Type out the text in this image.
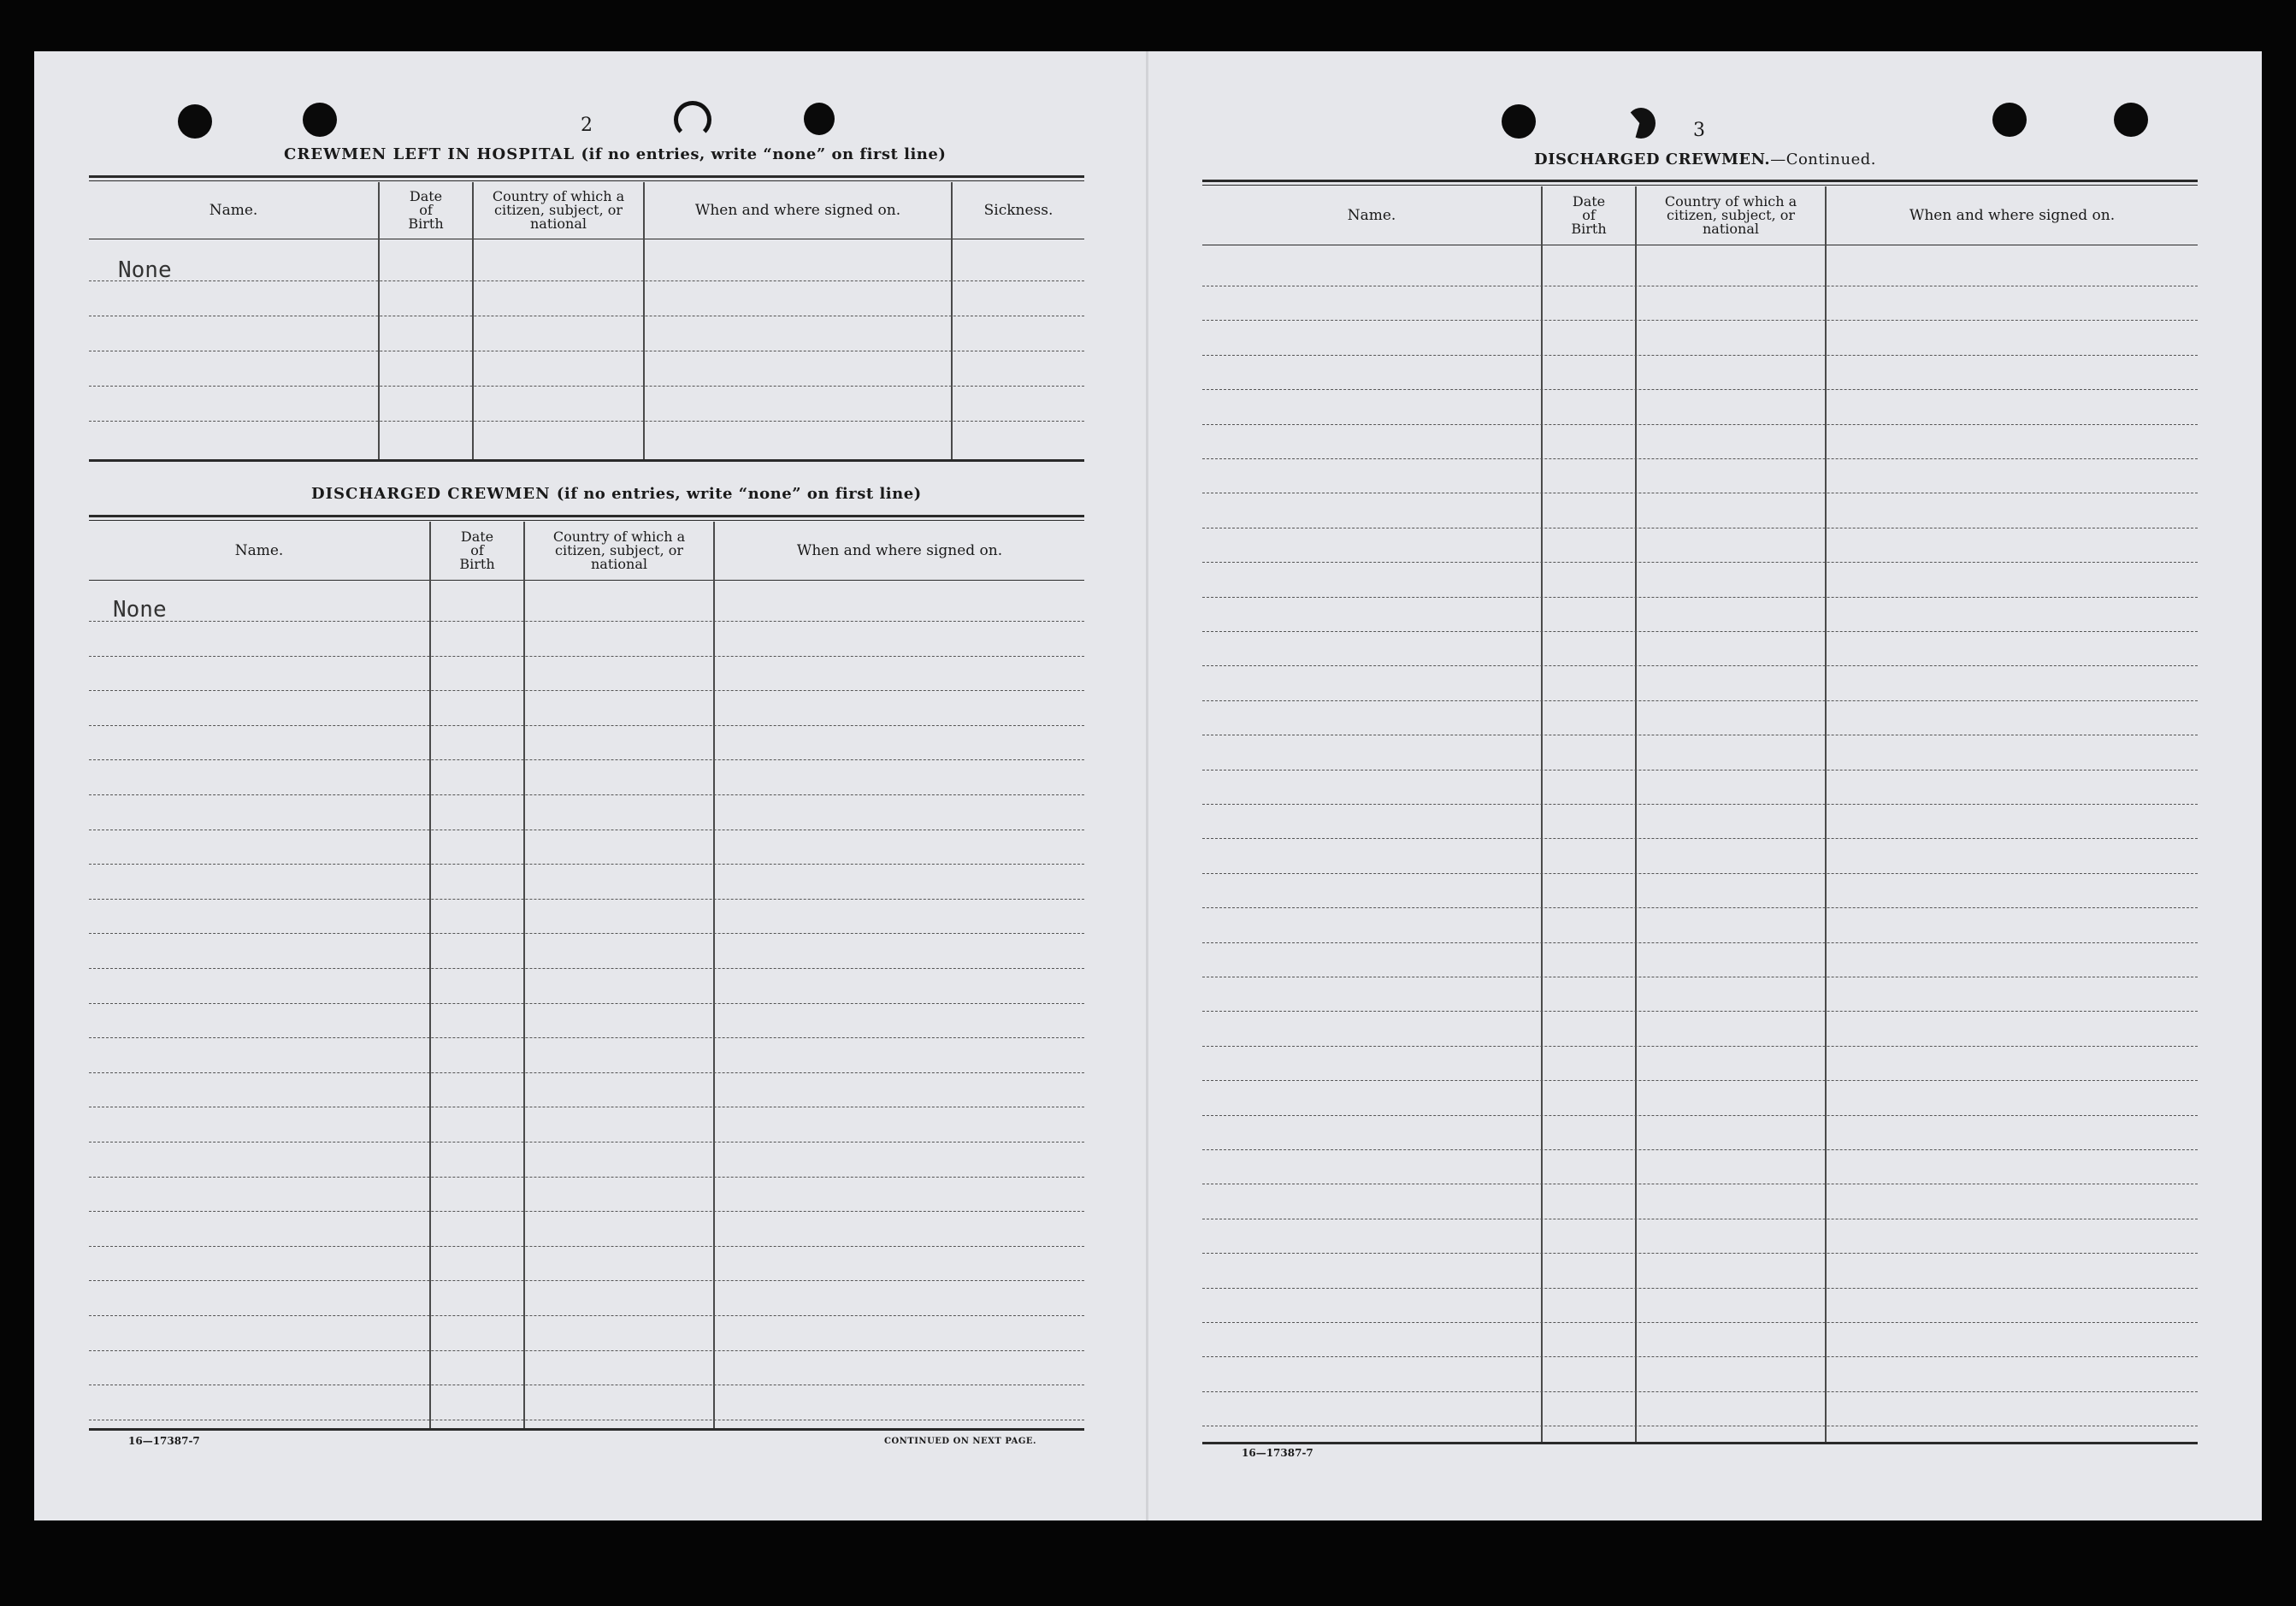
2
CREWMEN LEFT IN HOSPITAL (if no entries, write “none” on first line)
Name.
Date of Birth
Country of which a citizen, subject, or national
When and where signed on.	Sickness.
None
DISCHARGED CREWMEN (if no entries, write “none” on first line)
Name.
Date of Birth
Country of which a citizen, subject, or national
When and where signed on.
None
16—17387-7	CONTINUED ON NEXT PAGE.
3
DISCHARGED CREWMEN.—Continued.
Name.
Date of Birth
Country of which a citizen, subject, or national
When and where signed on.
16—17387-7
